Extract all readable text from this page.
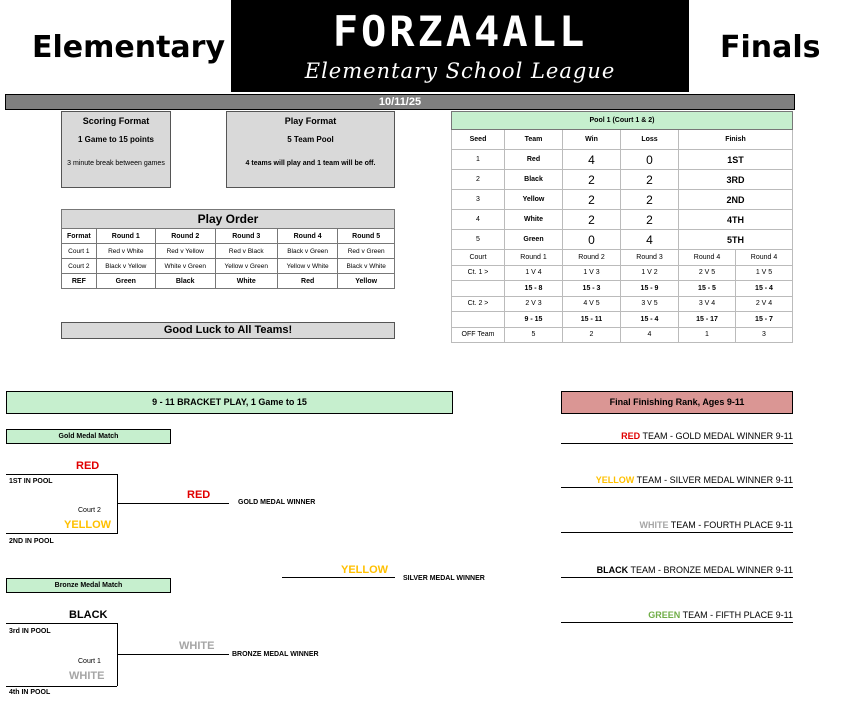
Elementary	FORZA4ALL
Elementary School League
Finals
10/11/25
Scoring Format
1 Game to 15 points
3 minute break between games
Play Format
5 Team Pool
4 teams will play and 1 team will be off.
Play Order					
Format	Round 1	Round 2	Round 3	Round 4	Round 5
Court 1	Red v White	Red v Yellow	Red v Black	Black v Green	Red v Green
Court 2	Black v Yellow	White v Green	Yellow v Green	Yellow v White	Black v White
REF	Green	Black	White	Red	Yellow
Good Luck to All Teams!
Pool 1 (Court 1 & 2)					
Seed	Team	Win	Loss	Finish	
1	Red	4	0	1ST	
2	Black	2	2	3RD	
3	Yellow	2	2	2ND	
4	White	2	2	4TH	
5	Green	0	4	5TH	
Court	Round 1	Round 2	Round 3	Round 4	Round 4
Ct. 1 >	1 V 4	1 V 3	1 V 2	2 V 5	1 V 5
	15 - 8	15 - 3	15 - 9	15 - 5	15 - 4
Ct. 2 >	2 V 3	4 V 5	3 V 5	3 V 4	2 V 4
	9 - 15	15 - 11	15 - 4	15 - 17	15 - 7
OFF Team	5	2	4	1	3
9 - 11 BRACKET PLAY, 1 Game to 15
Gold Medal Match
Bronze Medal Match
RED
1ST IN POOL
Court 2
YELLOW
2ND IN POOL
RED
GOLD MEDAL WINNER
YELLOW
SILVER MEDAL WINNER
BLACK
3rd IN POOL
Court 1
WHITE
4th IN POOL
WHITE
BRONZE MEDAL WINNER
Final Finishing Rank, Ages 9-11
RED TEAM - GOLD MEDAL WINNER 9-11
YELLOW TEAM - SILVER MEDAL WINNER 9-11
WHITE TEAM - FOURTH PLACE 9-11
BLACK TEAM - BRONZE MEDAL WINNER 9-11
GREEN TEAM - FIFTH PLACE 9-11
